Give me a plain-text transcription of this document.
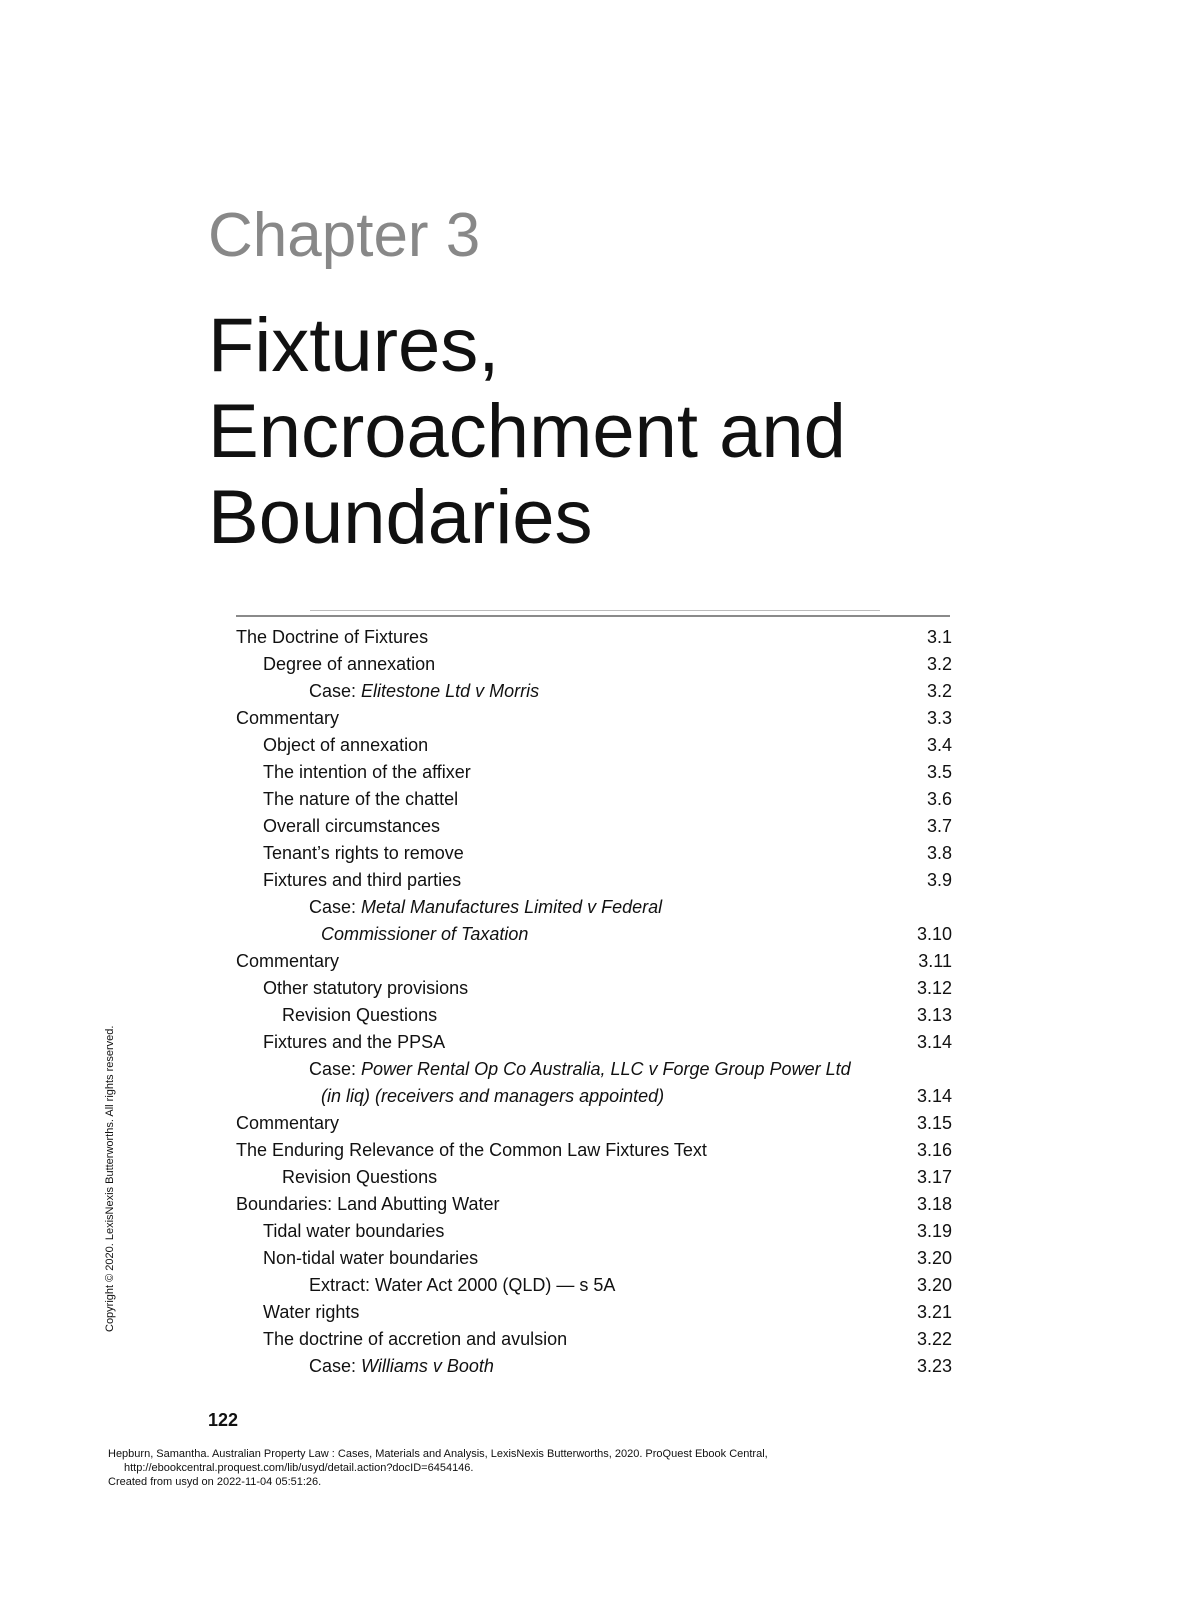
Chapter 3
Fixtures,
Encroachment and
Boundaries
The Doctrine of Fixtures	3.1
Degree of annexation	3.2
Case: Elitestone Ltd v Morris	3.2
Commentary	3.3
Object of annexation	3.4
The intention of the affixer	3.5
The nature of the chattel	3.6
Overall circumstances	3.7
Tenant’s rights to remove	3.8
Fixtures and third parties	3.9
Case: Metal Manufactures Limited v Federal
Commissioner of Taxation	3.10
Commentary	3.11
Other statutory provisions	3.12
Revision Questions	3.13
Fixtures and the PPSA	3.14
Case: Power Rental Op Co Australia, LLC v Forge Group Power Ltd
(in liq) (receivers and managers appointed)	3.14
Commentary	3.15
The Enduring Relevance of the Common Law Fixtures Text	3.16
Revision Questions	3.17
Boundaries: Land Abutting Water	3.18
Tidal water boundaries	3.19
Non-tidal water boundaries	3.20
Extract: Water Act 2000 (QLD) — s 5A	3.20
Water rights	3.21
The doctrine of accretion and avulsion	3.22
Case: Williams v Booth	3.23
122
Hepburn, Samantha. Australian Property Law : Cases, Materials and Analysis, LexisNexis Butterworths, 2020. ProQuest Ebook Central,
http://ebookcentral.proquest.com/lib/usyd/detail.action?docID=6454146.
Created from usyd on 2022-11-04 05:51:26.
Copyright © 2020. LexisNexis Butterworths. All rights reserved.
